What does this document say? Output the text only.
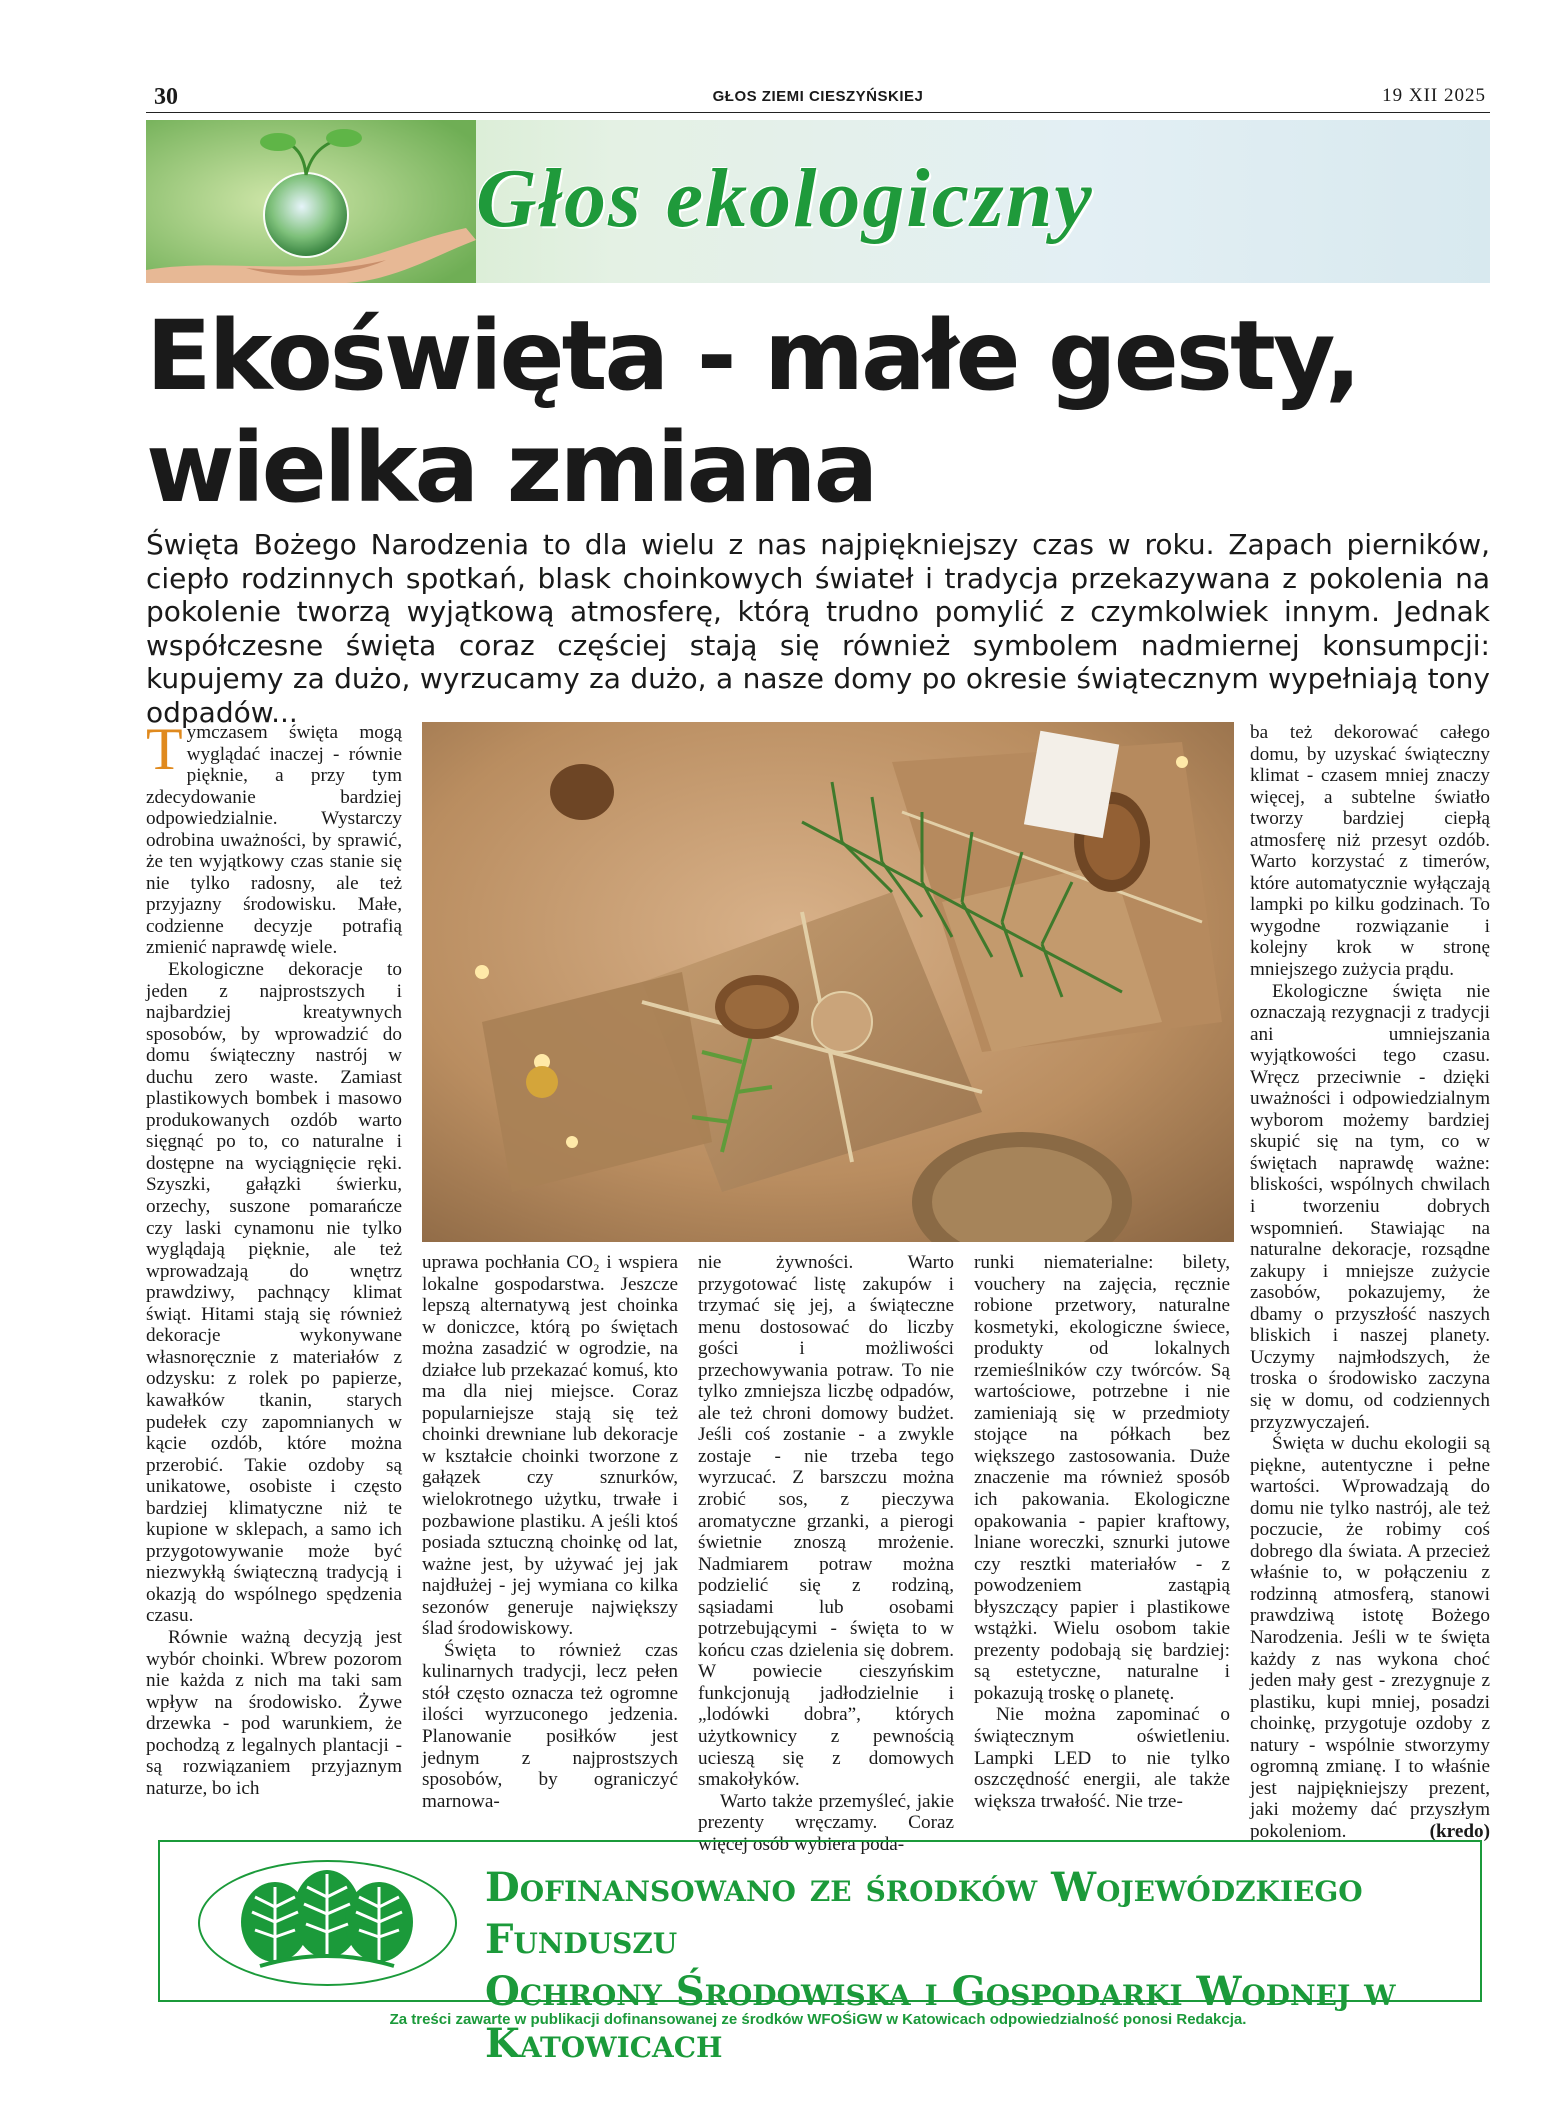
30	GŁOS ZIEMI CIESZYŃSKIEJ	19 XII 2025
Głos ekologiczny
Ekoświęta - małe gesty,
wielka zmiana
Święta Bożego Narodzenia to dla wielu z nas najpiękniejszy czas w roku. Zapach pierników, ciepło rodzinnych spotkań, blask choinkowych świateł i tradycja przekazywana z pokolenia na pokolenie tworzą wyjątkową atmosferę, którą trudno pomylić z czymkolwiek innym. Jednak współczesne święta coraz częściej stają się również symbolem nadmiernej konsumpcji: kupujemy za dużo, wyrzucamy za dużo, a nasze domy po okresie świątecznym wypełniają tony odpadów...

Tymczasem święta mogą wyglądać inaczej - równie pięknie, a przy tym zdecydowanie bardziej odpowiedzialnie. Wystarczy odrobina uważności, by sprawić, że ten wyjątkowy czas stanie się nie tylko radosny, ale też przyjazny środowisku. Małe, codzienne decyzje potrafią zmienić naprawdę wiele.

Ekologiczne dekoracje to jeden z najprostszych i najbardziej kreatywnych sposobów, by wprowadzić do domu świąteczny nastrój w duchu zero waste. Zamiast plastikowych bombek i masowo produkowanych ozdób warto sięgnąć po to, co naturalne i dostępne na wyciągnięcie ręki. Szyszki, gałązki świerku, orzechy, suszone pomarańcze czy laski cynamonu nie tylko wyglądają pięknie, ale też wprowadzają do wnętrz prawdziwy, pachnący klimat świąt. Hitami stają się również dekoracje wykonywane własnoręcznie z materiałów z odzysku: z rolek po papierze, kawałków tkanin, starych pudełek czy zapomnianych w kącie ozdób, które można przerobić. Takie ozdoby są unikatowe, osobiste i często bardziej klimatyczne niż te kupione w sklepach, a samo ich przygotowywanie może być niezwykłą świąteczną tradycją i okazją do wspólnego spędzenia czasu.

Równie ważną decyzją jest wybór choinki. Wbrew pozorom nie każda z nich ma taki sam wpływ na środowisko. Żywe drzewka - pod warunkiem, że pochodzą z legalnych plantacji - są rozwiązaniem przyjaznym naturze, bo ich

uprawa pochłania CO₂ i wspiera lokalne gospodarstwa. Jeszcze lepszą alternatywą jest choinka w doniczce, którą po świętach można zasadzić w ogrodzie, na działce lub przekazać komuś, kto ma dla niej miejsce. Coraz popularniejsze stają się też choinki drewniane lub dekoracje w kształcie choinki tworzone z gałązek czy sznurków, wielokrotnego użytku, trwałe i pozbawione plastiku. A jeśli ktoś posiada sztuczną choinkę od lat, ważne jest, by używać jej jak najdłużej - jej wymiana co kilka sezonów generuje największy ślad środowiskowy.

Święta to również czas kulinarnych tradycji, lecz pełen stół często oznacza też ogromne ilości wyrzuconego jedzenia. Planowanie posiłków jest jednym z najprostszych sposobów, by ograniczyć marnowa-

nie żywności. Warto przygotować listę zakupów i trzymać się jej, a świąteczne menu dostosować do liczby gości i możliwości przechowywania potraw. To nie tylko zmniejsza liczbę odpadów, ale też chroni domowy budżet. Jeśli coś zostanie - a zwykle zostaje - nie trzeba tego wyrzucać. Z barszczu można zrobić sos, z pieczywa aromatyczne grzanki, a pierogi świetnie znoszą mrożenie. Nadmiarem potraw można podzielić się z rodziną, sąsiadami lub osobami potrzebującymi - święta to w końcu czas dzielenia się dobrem. W powiecie cieszyńskim funkcjonują jadłodzielnie i „lodówki dobra”, których użytkownicy z pewnością ucieszą się z domowych smakołyków.

Warto także przemyśleć, jakie prezenty wręczamy. Coraz więcej osób wybiera poda-

runki niematerialne: bilety, vouchery na zajęcia, ręcznie robione przetwory, naturalne kosmetyki, ekologiczne świece, produkty od lokalnych rzemieślników czy twórców. Są wartościowe, potrzebne i nie zamieniają się w przedmioty stojące na półkach bez większego zastosowania. Duże znaczenie ma również sposób ich pakowania. Ekologiczne opakowania - papier kraftowy, lniane woreczki, sznurki jutowe czy resztki materiałów - z powodzeniem zastąpią błyszczący papier i plastikowe wstążki. Wielu osobom takie prezenty podobają się bardziej: są estetyczne, naturalne i pokazują troskę o planetę.

Nie można zapominać o świątecznym oświetleniu. Lampki LED to nie tylko oszczędność energii, ale także większa trwałość. Nie trze-

ba też dekorować całego domu, by uzyskać świąteczny klimat - czasem mniej znaczy więcej, a subtelne światło tworzy bardziej ciepłą atmosferę niż przesyt ozdób. Warto korzystać z timerów, które automatycznie wyłączają lampki po kilku godzinach. To wygodne rozwiązanie i kolejny krok w stronę mniejszego zużycia prądu.

Ekologiczne święta nie oznaczają rezygnacji z tradycji ani umniejszania wyjątkowości tego czasu. Wręcz przeciwnie - dzięki uważności i odpowiedzialnym wyborom możemy bardziej skupić się na tym, co w świętach naprawdę ważne: bliskości, wspólnych chwilach i tworzeniu dobrych wspomnień. Stawiając na naturalne dekoracje, rozsądne zakupy i mniejsze zużycie zasobów, pokazujemy, że dbamy o przyszłość naszych bliskich i naszej planety. Uczymy najmłodszych, że troska o środowisko zaczyna się w domu, od codziennych przyzwyczajeń.

Święta w duchu ekologii są piękne, autentyczne i pełne wartości. Wprowadzają do domu nie tylko nastrój, ale też poczucie, że robimy coś dobrego dla świata. A przecież właśnie to, w połączeniu z rodzinną atmosferą, stanowi prawdziwą istotę Bożego Narodzenia. Jeśli w te święta każdy z nas wykona choć jeden mały gest - zrezygnuje z plastiku, kupi mniej, posadzi choinkę, przygotuje ozdoby z natury - wspólnie stworzymy ogromną zmianę. I to właśnie jest najpiękniejszy prezent, jaki możemy dać przyszłym pokoleniom.	(kredo)

Dofinansowano ze środków Wojewódzkiego Funduszu
Ochrony Środowiska i Gospodarki Wodnej w Katowicach
Za treści zawarte w publikacji dofinansowanej ze środków WFOŚiGW w Katowicach odpowiedzialność ponosi Redakcja.
